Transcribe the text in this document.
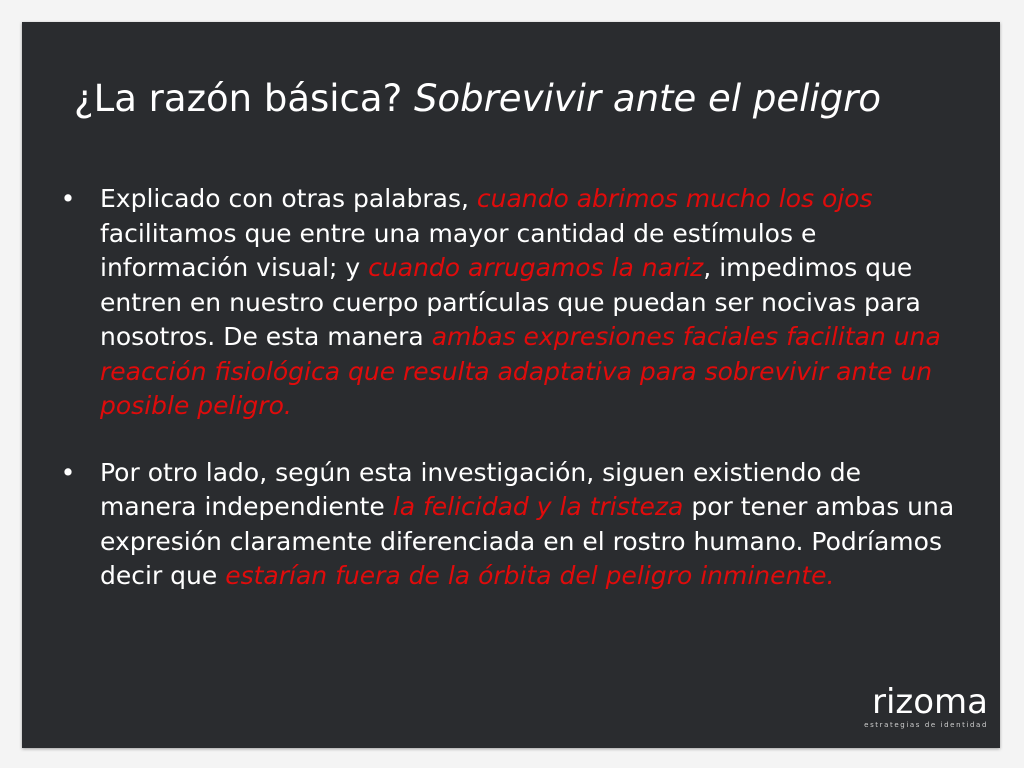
¿La razón básica? Sobrevivir ante el peligro
• Explicado con otras palabras, cuando abrimos mucho los ojos facilitamos que entre una mayor cantidad de estímulos e información visual; y cuando arrugamos la nariz, impedimos que entren en nuestro cuerpo partículas que puedan ser nocivas para nosotros. De esta manera ambas expresiones faciales facilitan una reacción fisiológica que resulta adaptativa para sobrevivir ante un posible peligro.
• Por otro lado, según esta investigación, siguen existiendo de manera independiente la felicidad y la tristeza por tener ambas una expresión claramente diferenciada en el rostro humano. Podríamos decir que estarían fuera de la órbita del peligro inminente.
rizoma
estrategias de identidad
